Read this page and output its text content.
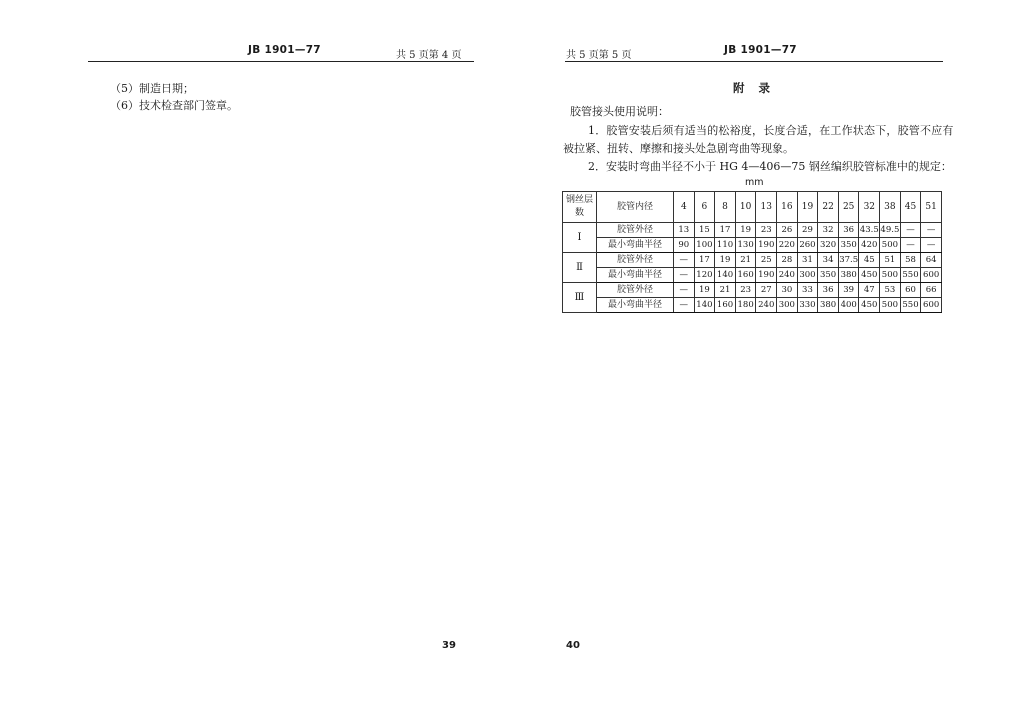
JB 1901—77	共 5 页第 4 页
（5）制造日期；
（6）技术检查部门签章。
39
共 5 页第 5 页	JB 1901—77
附录
胶管接头使用说明：
1．胶管安装后须有适当的松裕度，长度合适，在工作状态下，胶管不应有
被拉紧、扭转、摩擦和接头处急剧弯曲等现象。
2．安装时弯曲半径不小于 HG 4—406—75 钢丝编织胶管标准中的规定：
mm
钢丝层数	胶管内径	4	6	8	10	13	16	19	22	25	32	38	45	51
Ⅰ	胶管外径	13	15	17	19	23	26	29	32	36	43.5	49.5	—	—
	最小弯曲半径	90	100	110	130	190	220	260	320	350	420	500	—	—
Ⅱ	胶管外径	—	17	19	21	25	28	31	34	37.5	45	51	58	64
	最小弯曲半径	—	120	140	160	190	240	300	350	380	450	500	550	600
Ⅲ	胶管外径	—	19	21	23	27	30	33	36	39	47	53	60	66
	最小弯曲半径	—	140	160	180	240	300	330	380	400	450	500	550	600
40
